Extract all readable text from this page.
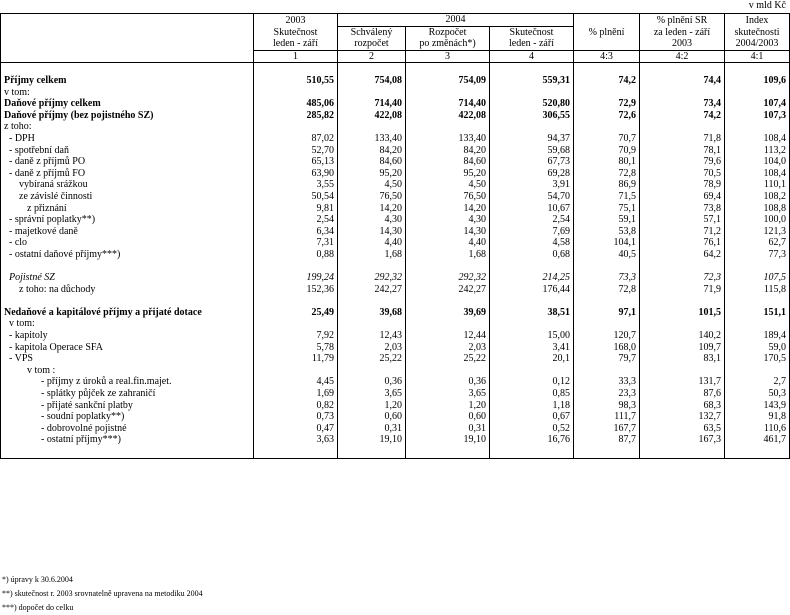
v mld Kč
	2003	2004				% plnění SR	Index
	Skutečnost	Schválený	Rozpočet	Skutečnost	% plnění	za leden - září	skutečnosti
	leden - září	rozpočet	po změnách*)	leden - září		2003	2004/2003
	1	2	3	4	4:3	4:2	4:1

Příjmy celkem	510,55	754,08	754,09	559,31	74,2	74,4	109,6
v tom:							
Daňové příjmy celkem	485,06	714,40	714,40	520,80	72,9	73,4	107,4
Daňové příjmy (bez pojistného SZ)	285,82	422,08	422,08	306,55	72,6	74,2	107,3
z toho:							
- DPH	87,02	133,40	133,40	94,37	70,7	71,8	108,4
- spotřební daň	52,70	84,20	84,20	59,68	70,9	78,1	113,2
- daně z příjmů PO	65,13	84,60	84,60	67,73	80,1	79,6	104,0
- daně z příjmů FO	63,90	95,20	95,20	69,28	72,8	70,5	108,4
vybíraná srážkou	3,55	4,50	4,50	3,91	86,9	78,9	110,1
ze závislé činnosti	50,54	76,50	76,50	54,70	71,5	69,4	108,2
z přiznání	9,81	14,20	14,20	10,67	75,1	73,8	108,8
- správní poplatky**)	2,54	4,30	4,30	2,54	59,1	57,1	100,0
- majetkové daně	6,34	14,30	14,30	7,69	53,8	71,2	121,3
- clo	7,31	4,40	4,40	4,58	104,1	76,1	62,7
- ostatní daňové příjmy***)	0,88	1,68	1,68	0,68	40,5	64,2	77,3

Pojistné SZ	199,24	292,32	292,32	214,25	73,3	72,3	107,5
z toho: na důchody	152,36	242,27	242,27	176,44	72,8	71,9	115,8

Nedaňové a kapitálové příjmy a přijaté dotace	25,49	39,68	39,69	38,51	97,1	101,5	151,1
v tom:							
- kapitoly	7,92	12,43	12,44	15,00	120,7	140,2	189,4
- kapitola Operace SFA	5,78	2,03	2,03	3,41	168,0	109,7	59,0
- VPS	11,79	25,22	25,22	20,1	79,7	83,1	170,5
v tom :							
- příjmy z úroků a real.fin.majet.	4,45	0,36	0,36	0,12	33,3	131,7	2,7
- splátky půjček ze zahraničí	1,69	3,65	3,65	0,85	23,3	87,6	50,3
- přijaté sankční platby	0,82	1,20	1,20	1,18	98,3	68,3	143,9
- soudní poplatky**)	0,73	0,60	0,60	0,67	111,7	132,7	91,8
- dobrovolné pojistné	0,47	0,31	0,31	0,52	167,7	63,5	110,6
- ostatní příjmy***)	3,63	19,10	19,10	16,76	87,7	167,3	461,7

*) úpravy k 30.6.2004
**) skutečnost r. 2003 srovnatelně upravena na metodiku 2004
***) dopočet do celku
